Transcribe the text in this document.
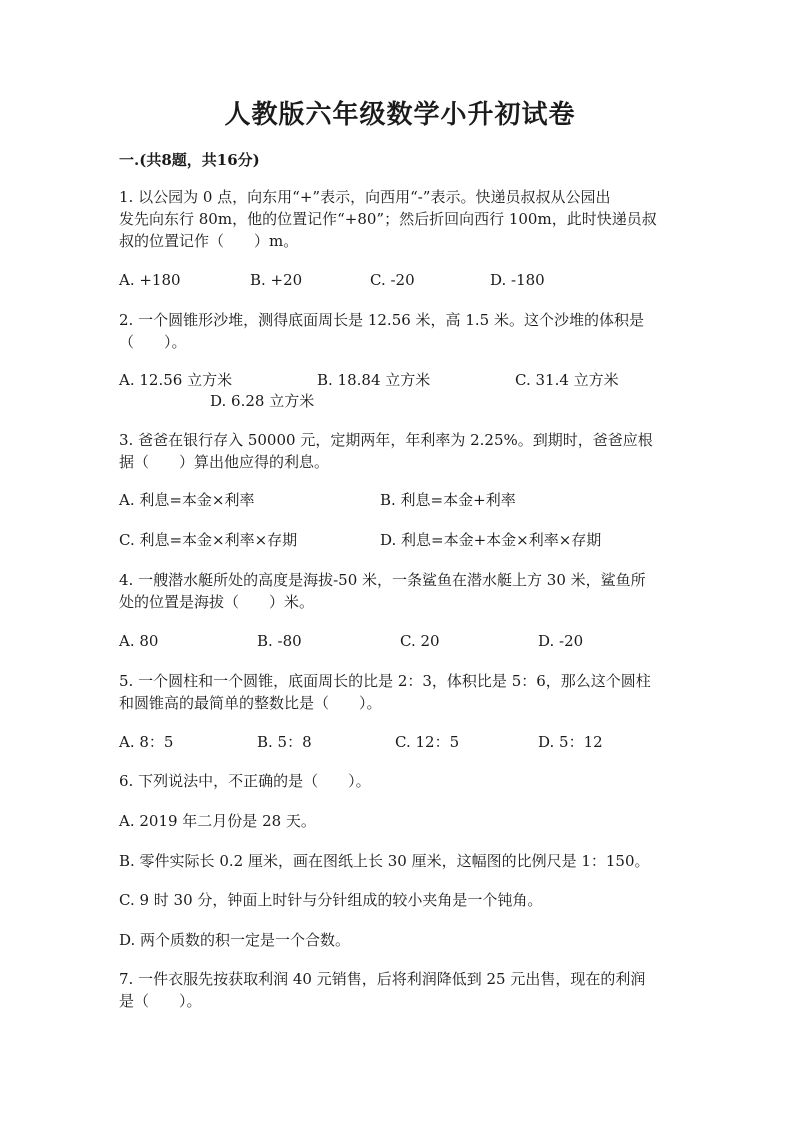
人教版六年级数学小升初试卷
一.(共8题，共16分)
1. 以公园为 0 点，向东用“+”表示，向西用“-”表示。快递员叔叔从公园出
发先向东行 80m，他的位置记作“+80”；然后折回向西行 100m，此时快递员叔
叔的位置记作（　　）m。
A. +180	B. +20	C. -20	D. -180
2. 一个圆锥形沙堆，测得底面周长是 12.56 米，高 1.5 米。这个沙堆的体积是
（　　）。
A. 12.56 立方米	B. 18.84 立方米	C. 31.4 立方米
D. 6.28 立方米
3. 爸爸在银行存入 50000 元，定期两年，年利率为 2.25%。到期时，爸爸应根
据（　　）算出他应得的利息。
A. 利息=本金×利率	B. 利息=本金+利率
C. 利息=本金×利率×存期	D. 利息=本金+本金×利率×存期
4. 一艘潜水艇所处的高度是海拔-50 米，一条鲨鱼在潜水艇上方 30 米，鲨鱼所
处的位置是海拔（　　）米。
A. 80	B. -80	C. 20	D. -20
5. 一个圆柱和一个圆锥，底面周长的比是 2：3，体积比是 5：6，那么这个圆柱
和圆锥高的最简单的整数比是（　　）。
A. 8：5	B. 5：8	C. 12：5	D. 5：12
6. 下列说法中，不正确的是（　　）。
A. 2019 年二月份是 28 天。
B. 零件实际长 0.2 厘米，画在图纸上长 30 厘米，这幅图的比例尺是 1：150。
C. 9 时 30 分，钟面上时针与分针组成的较小夹角是一个钝角。
D. 两个质数的积一定是一个合数。
7. 一件衣服先按获取利润 40 元销售，后将利润降低到 25 元出售，现在的利润
是（　　）。
